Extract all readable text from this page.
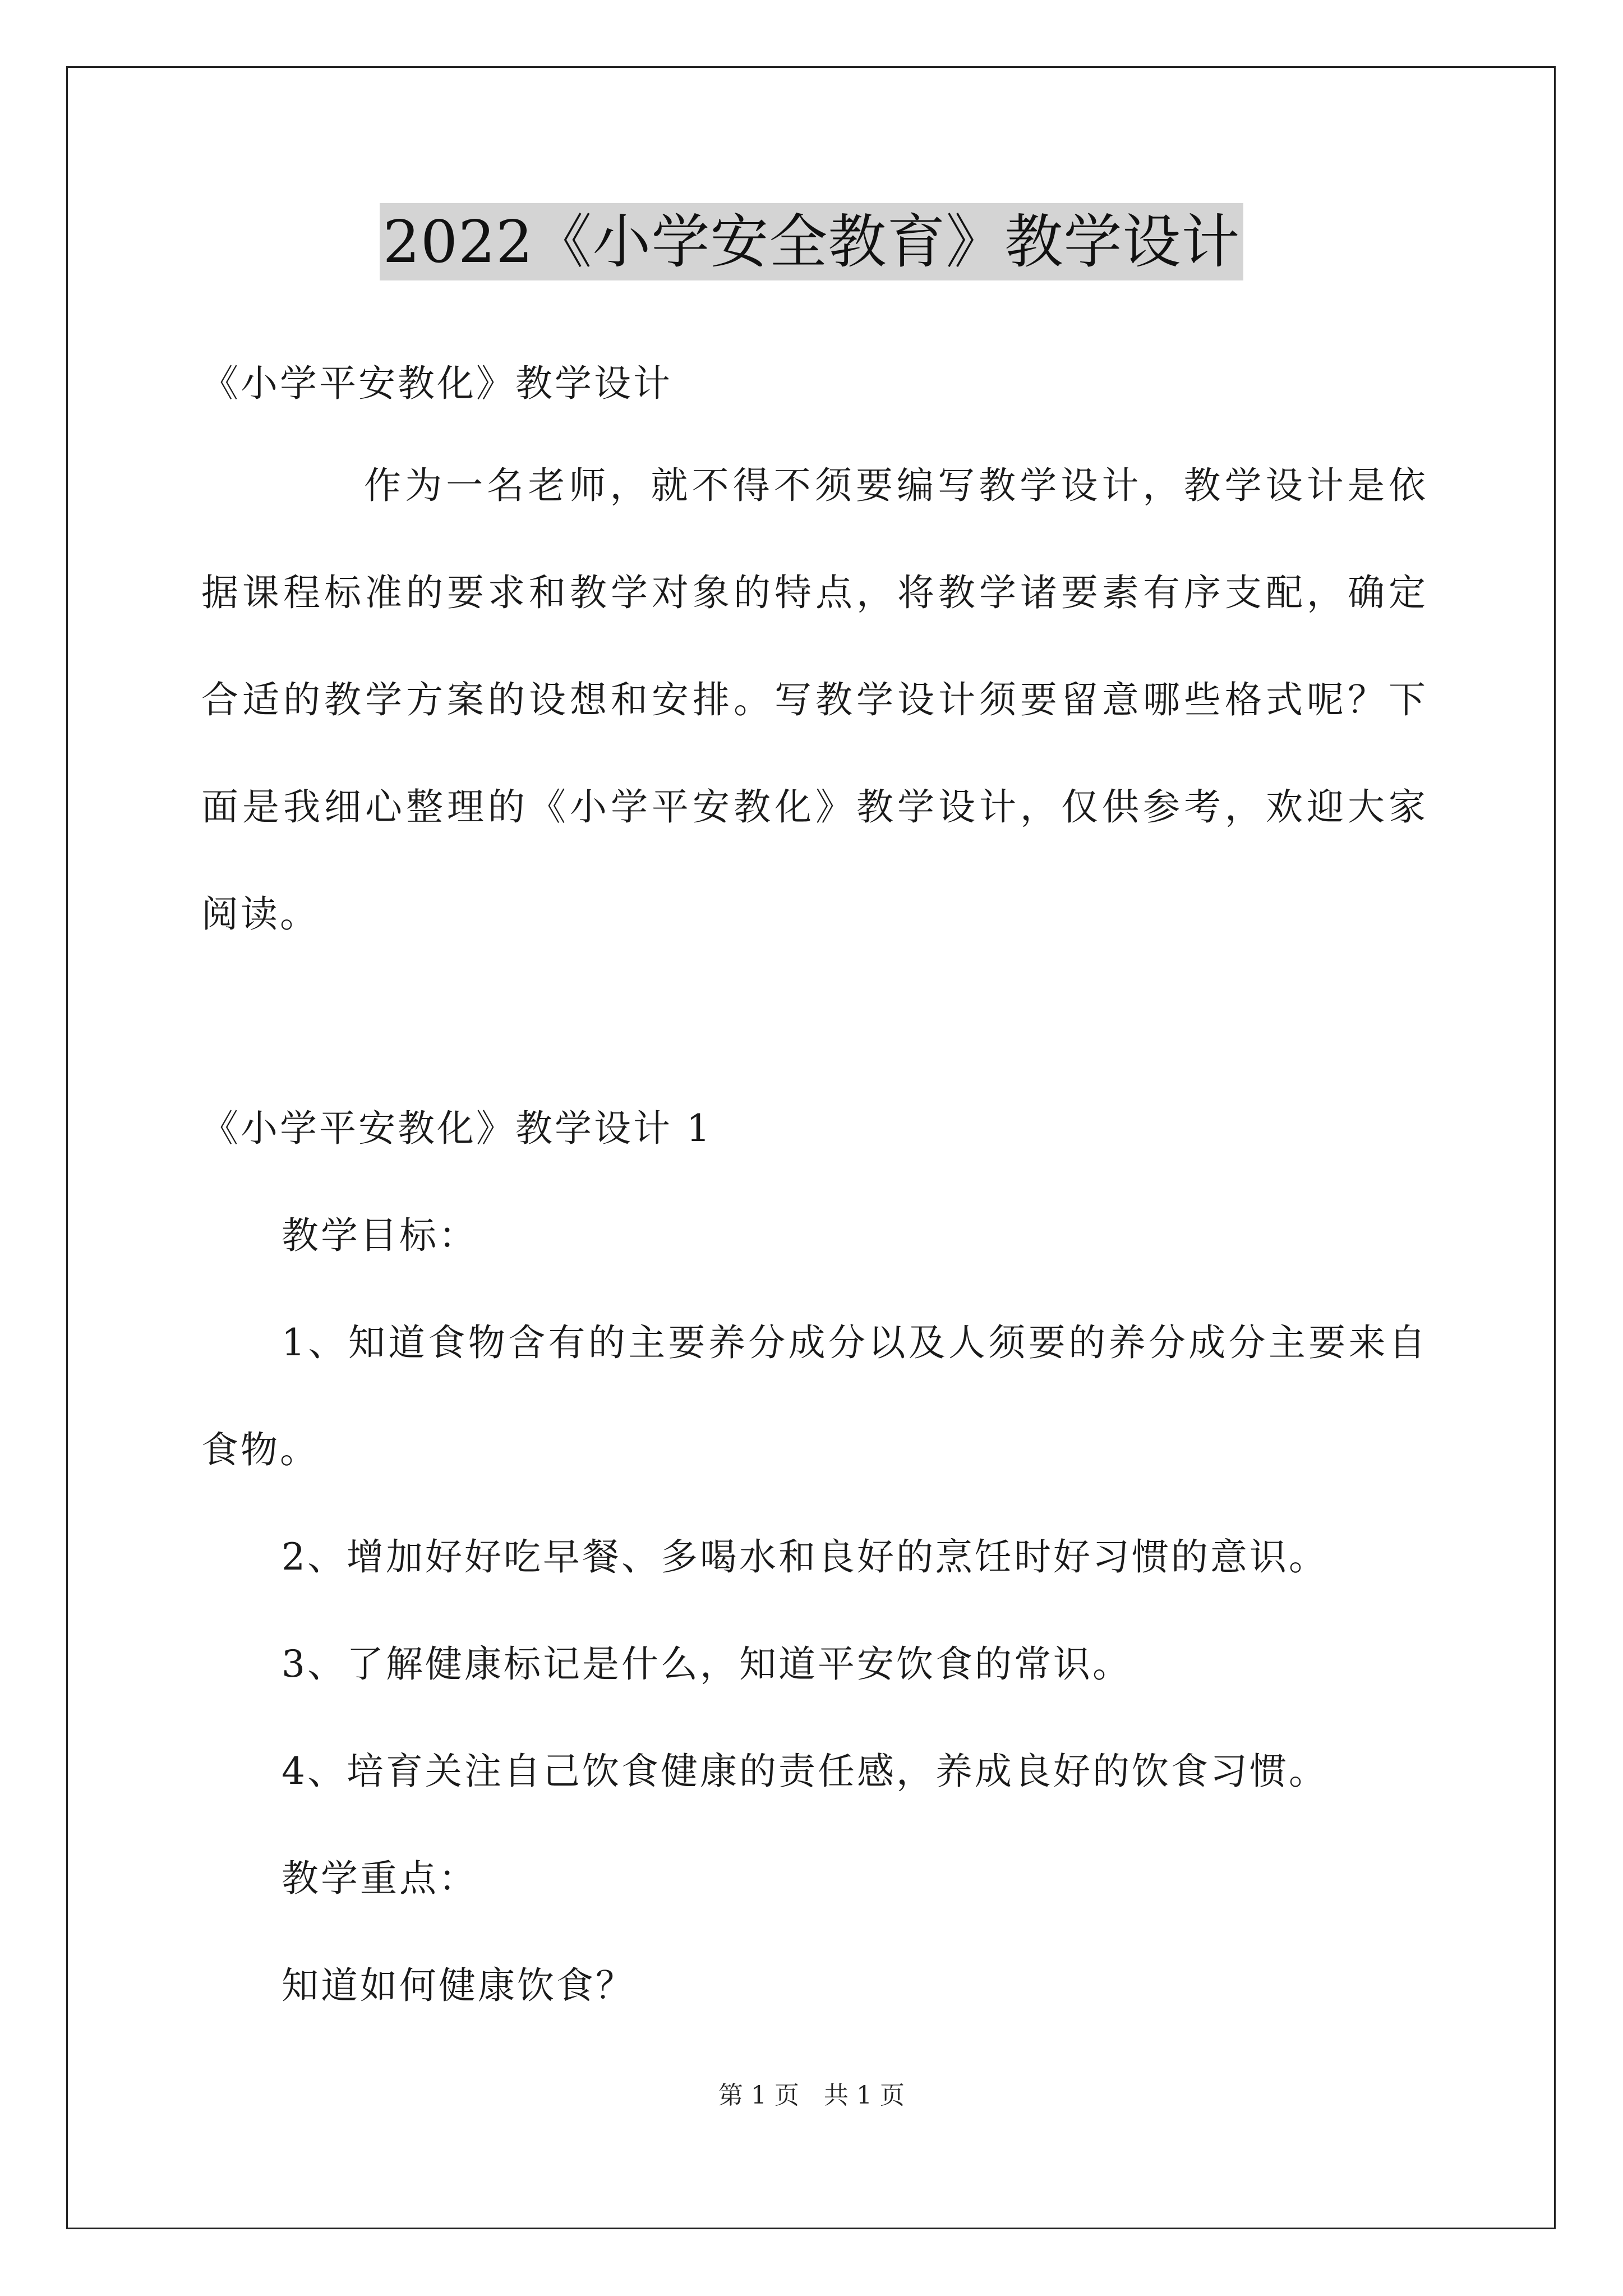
2022《小学安全教育》教学设计
《小学平安教化》教学设计
作为一名老师，就不得不须要编写教学设计，教学设计是依
据课程标准的要求和教学对象的特点，将教学诸要素有序支配，确定
合适的教学方案的设想和安排。写教学设计须要留意哪些格式呢？下
面是我细心整理的《小学平安教化》教学设计，仅供参考，欢迎大家
阅读。
《小学平安教化》教学设计 1
教学目标：
1、知道食物含有的主要养分成分以及人须要的养分成分主要来自
食物。
2、增加好好吃早餐、多喝水和良好的烹饪时好习惯的意识。
3、了解健康标记是什么，知道平安饮食的常识。
4、培育关注自己饮食健康的责任感，养成良好的饮食习惯。
教学重点：
知道如何健康饮食？
第 1 页　共 1 页
